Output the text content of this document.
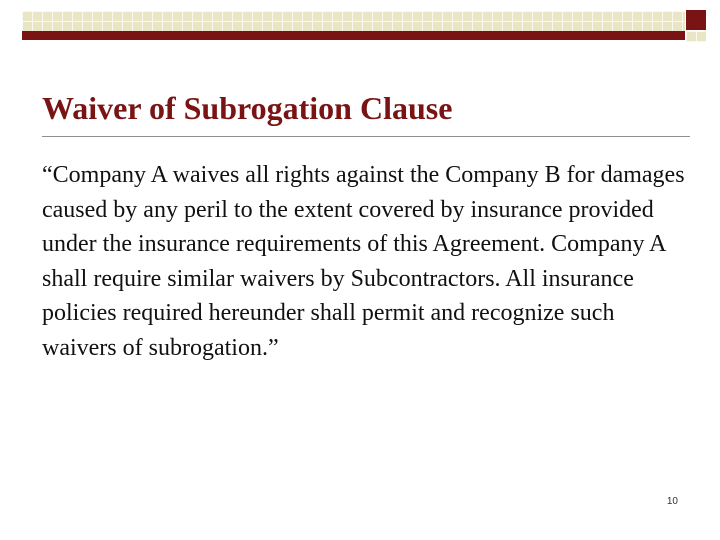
Waiver of Subrogation Clause

“Company A waives all rights against the Company B for damages caused by any peril to the extent covered by insurance provided under the insurance requirements of this Agreement. Company A shall require similar waivers by Subcontractors. All insurance policies required hereunder shall permit and recognize such waivers of subrogation.”

10
